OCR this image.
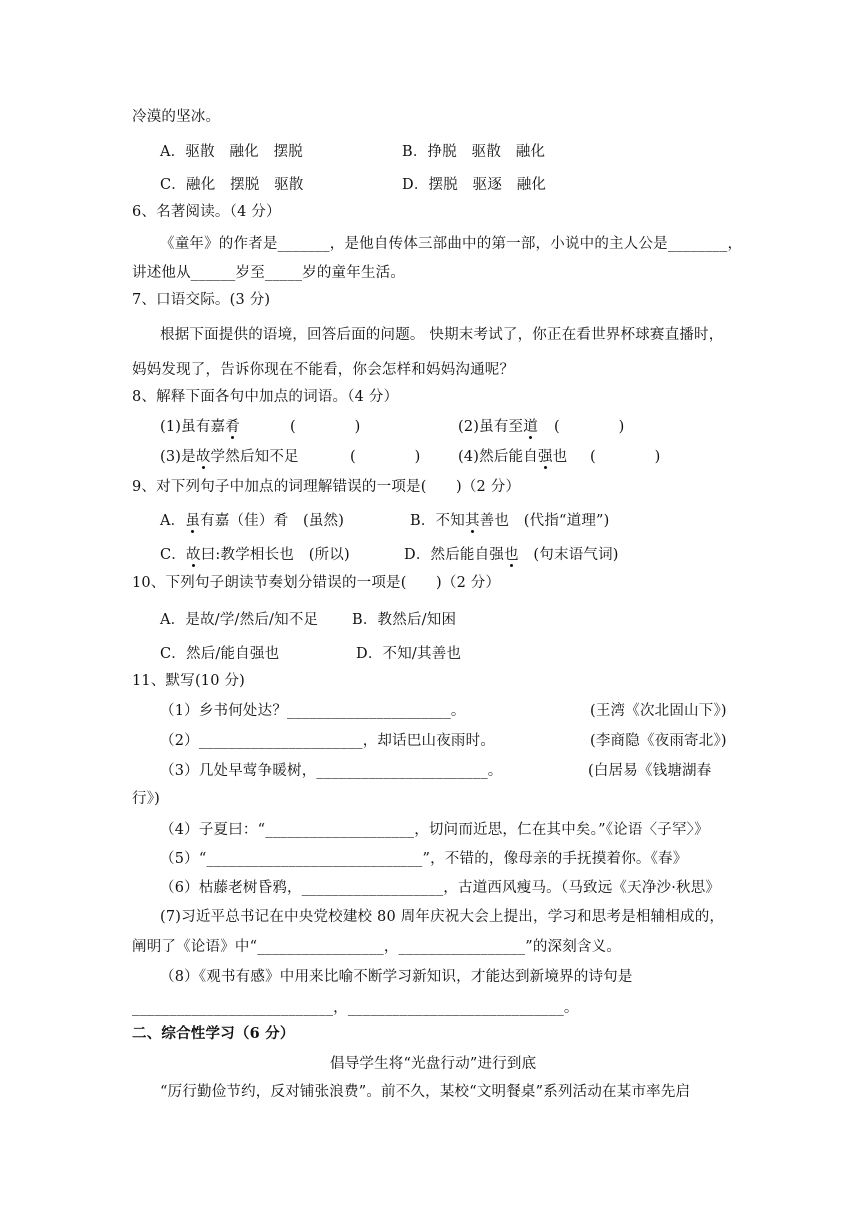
冷漠的坚冰。
A．驱散　融化　摆脱	B．挣脱　驱散　融化
C．融化　摆脱　驱散	D．摆脱　驱逐　融化
6、名著阅读。（4 分）
《童年》的作者是_______，是他自传体三部曲中的第一部，小说中的主人公是________，
讲述他从______岁至_____岁的童年生活。
7、口语交际。(3 分)
根据下面提供的语境，回答后面的问题。 快期末考试了，你正在看世界杯球赛直播时，
妈妈发现了，告诉你现在不能看，你会怎样和妈妈沟通呢？
8、解释下面各句中加点的词语。（4 分）
(1)虽有嘉肴	(　　　　)	(2)虽有至道 (　　　　)
(3)是故学然后知不足	(　　　　)	(4)然后能自强也 (　　　　)
9、对下列句子中加点的词理解错误的一项是(　　)（2 分）
A．虽有嘉（佳）肴　(虽然)	B．不知其善也　(代指“道理”)
C．故曰:教学相长也　(所以)	D．然后能自强也　(句末语气词)
10、下列句子朗读节奏划分错误的一项是(　　)（2 分）
A．是故/学/然后/知不足 B．教然后/知困
C．然后/能自强也	D．不知/其善也
11、默写(10 分)
（1）乡书何处达？______________________。	(王湾《次北固山下》)
（2）______________________，却话巴山夜雨时。	(李商隐《夜雨寄北》)
（3）几处早莺争暖树，_______________________。	(白居易《钱塘湖春
行》)
（4）子夏曰：“____________________，切问而近思，仁在其中矣。”《论语〈子罕〉》
（5）“_____________________________”，不错的，像母亲的手抚摸着你。《春》
（6）枯藤老树昏鸦，___________________，古道西风瘦马。（马致远《天净沙·秋思》
(7)习近平总书记在中央党校建校 80 周年庆祝大会上提出，学习和思考是相辅相成的，
阐明了《论语》中“_________________，_________________”的深刻含义。
（8）《观书有感》中用来比喻不断学习新知识，才能达到新境界的诗句是
___________________________，_____________________________。
二、综合性学习（6 分）
倡导学生将“光盘行动”进行到底
“厉行勤俭节约，反对铺张浪费”。前不久，某校“文明餐桌”系列活动在某市率先启
